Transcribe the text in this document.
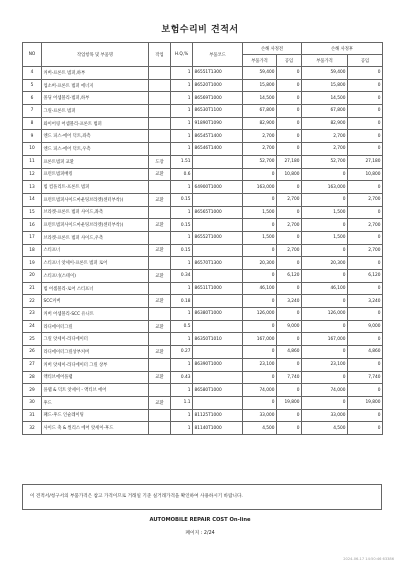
보험수리비 견적서
NO	작업항목 및 부품명	작업	H.Q,%	부품코드	손해 사정전		손해 사정후	
					부품가격	공임	부품가격	공임
4	커버-프론트 범퍼,하부		1	86551T1300	59,400	0	59,400	0
5	업소버-프론트 범퍼 에너지		1	86520T1000	15,800	0	15,800	0
6	몰딩 어셈블리-범퍼,하부		1	86569T1000	14,500	0	14,500	0
7	그릴-프론트 범퍼		1	86530T1100	67,800	0	67,800	0
8	와이어링 어셈블리-프론트 범퍼		1	91890T1090	82,900	0	82,900	0
9	엔드 피스-에어 덕트,좌측		1	86545T1400	2,700	0	2,700	0
10	엔드 피스-에어 덕트,우측		1	86546T1400	2,700	0	2,700	0
11	프론트범퍼 교환	도장	1.51		52,700	27,180	52,700	27,180
12	프런트범퍼배킹	교환	0.6		0	10,800	0	10,800
13	빔 컴플리트-프론트 범퍼		1	64900T1000	163,000	0	163,000	0
14	프런트범퍼사이드마운팅브라켓(센터부착)(	교환	0.15		0	2,700	0	2,700
15	브라켓-프론트 범퍼 사이드,좌측		1	86565T1000	1,500	0	1,500	0
16	프런트범퍼사이드마운팅브라켓(센터부착)(	교환	0.15		0	2,700	0	2,700
17	브라켓-프론트 범퍼 사이드,우측		1	86552T1000	1,500	0	1,500	0
18	스티프너	교환	0.15		0	2,700	0	2,700
19	스티프너 앗세이-프론트 범퍼 로어		1	86570T1300	20,300	0	20,300	0
20	스티프너(스테이)	교환	0.34		0	6,120	0	6,120
21	빔 어셈블리-로어 스티프너		1	86511T1000	46,100	0	46,100	0
22	SCC커버	교환	0.18		0	3,240	0	3,240
23	커버 어셈블리-SCC 유니트		1	86380T1000	126,000	0	126,000	0
24	라디에이터그릴	교환	0.5		0	9,000	0	9,000
25	그릴 앗세이-라디에이터		1	86350T1010	167,000	0	167,000	0
26	라디에이터그릴상부커버	교환	0.27		0	4,860	0	4,860
27	커버 앗세이-라디에이터 그릴 상부		1	86390T1000	23,100	0	23,100	0
28	액티브에어플랩	교환	0.43		0	7,740	0	7,740
29	플랩 & 덕트 앗세이 - 액티브 에어		1	86580T1000	74,000	0	74,000	0
30	후드	교환	1.1		0	19,800	0	19,800
31	패드-후드 인슐레이팅		1	81125T1000	33,000	0	33,000	0
32	사이드 축 & 씰리스 에어 앗세이-후드		1	81140T1000	4,500	0	4,500	0
이 견적서/청구서의 부품가격은 참고 가격이므로 거래일 기준 실거래가격을 확인하여 사용하시기 바랍니다.
AUTOMOBILE REPAIR COST On-line
페이지 : 2/24
2024-06-17 14:50:46 63386
